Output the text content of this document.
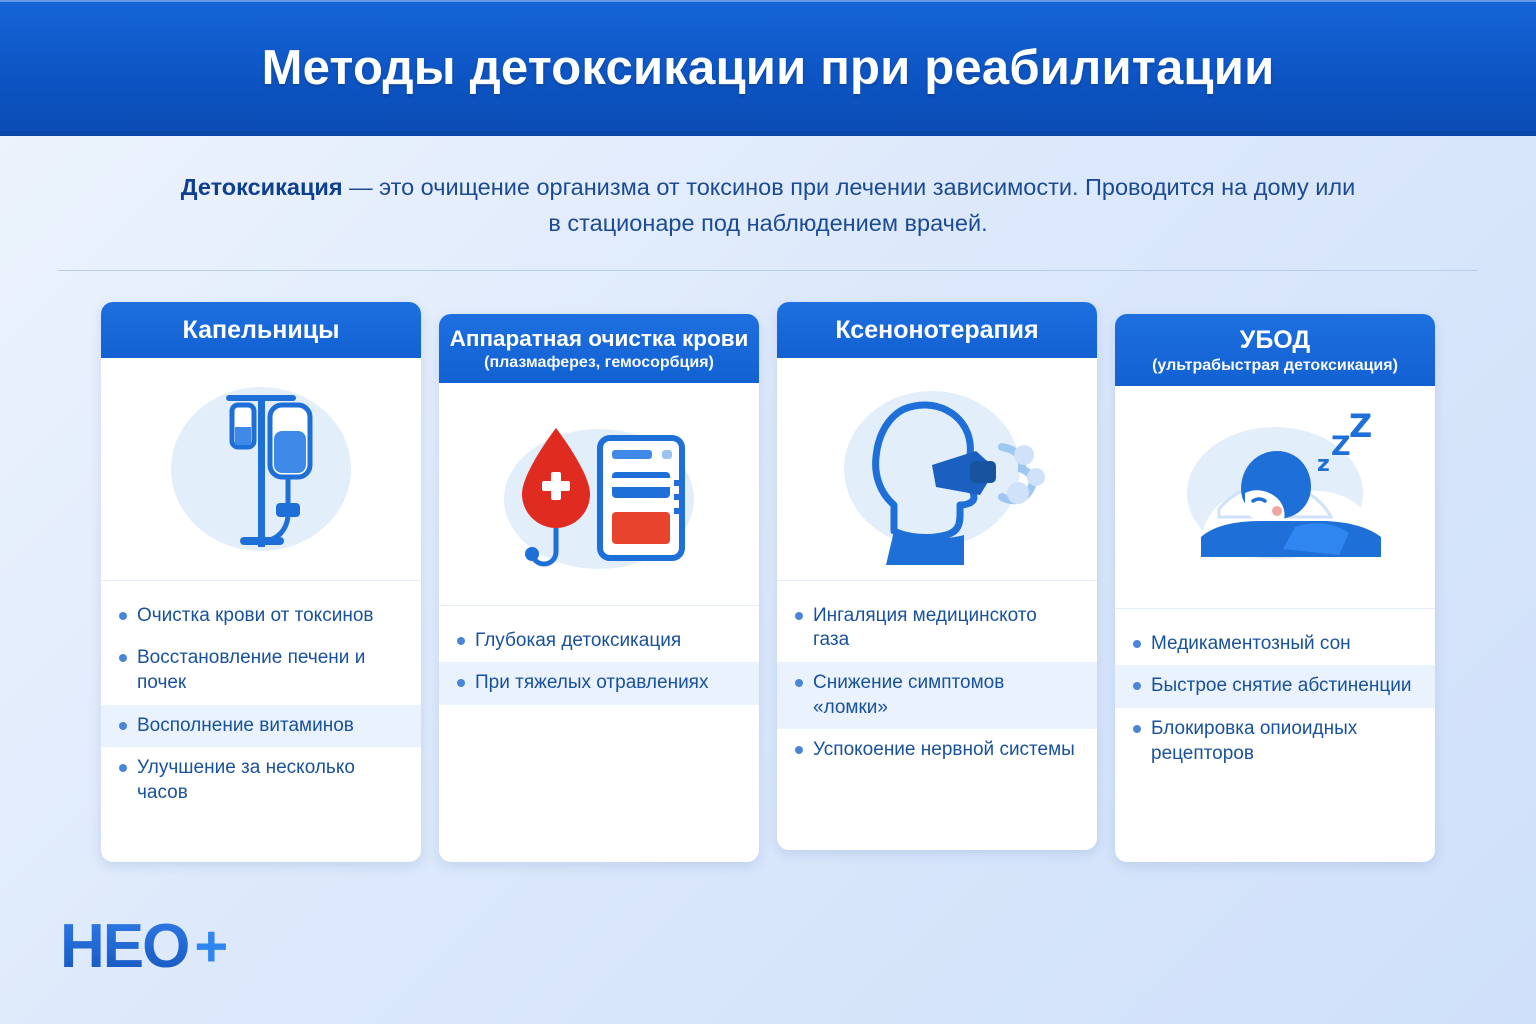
Методы детоксикации при реабилитации
Детоксикация — это очищение организма от токсинов при лечении зависимости. Проводится на дому или в стационаре под наблюдением врачей.
Капельницы
Очистка крови от токсинов
Восстановление печени и почек
Восполнение витаминов
Улучшение за несколько часов
Аппаратная очистка крови
(плазмаферез, гемосорбция)
Глубокая детоксикация
При тяжелых отравлениях
Ксенонотерапия
Ингаляция медицинското газа
Снижение симптомов «ломки»
Успокоение нервной системы
УБОД
(ультрабыстрая детоксикация)
z
Z
Z
Медикаментозный сон
Быстрое снятие абстиненции
Блокировка опиоидных рецепторов
HEO +
